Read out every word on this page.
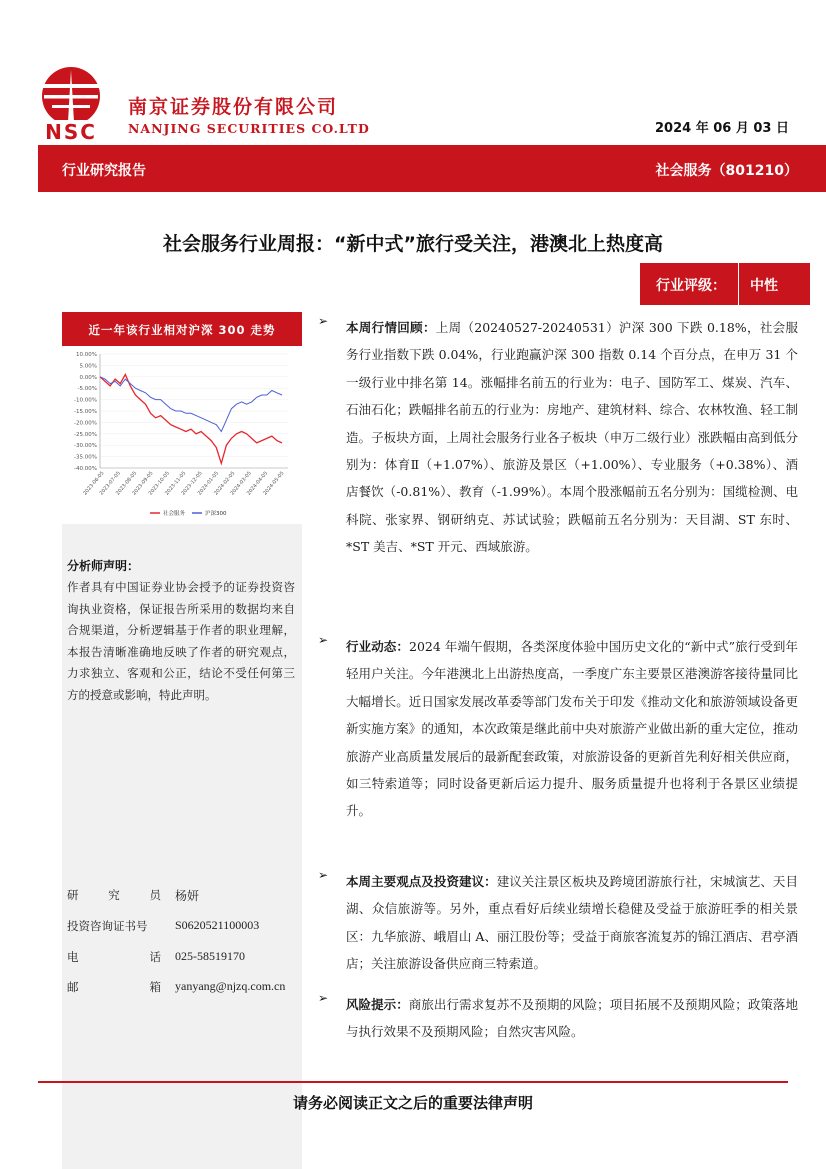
NSC
南京证券股份有限公司
NANJING SECURITIES CO.LTD	2024 年 06 月 03 日
行业研究报告	社会服务（801210）
社会服务行业周报：“新中式”旅行受关注，港澳北上热度高
行业评级： 中性
近一年该行业相对沪深 300 走势
10.00%
5.00%
0.00%
-5.00%
-10.00%
-15.00%
-20.00%
-25.00%
-30.00%
-35.00%
-40.00%
2023-06-05
2023-07-05
2023-08-05
2023-09-05
2023-10-05
2023-11-05
2023-12-05
2024-01-05
2024-02-05
2024-03-05
2024-04-05
2024-05-05
社会服务	沪深300
分析师声明：
作者具有中国证券业协会授予的证券投资咨询执业资格，保证报告所采用的数据均来自合规渠道，分析逻辑基于作者的职业理解，本报告清晰准确地反映了作者的研究观点，力求独立、客观和公正，结论不受任何第三方的授意或影响，特此声明。
研	究	员 杨妍
投资咨询证书号 S0620521100003
电	话 025-58519170
邮	箱 yanyang@njzq.com.cn
➢ 本周行情回顾：上周（20240527-20240531）沪深 300 下跌 0.18%，社会服务行业指数下跌 0.04%，行业跑赢沪深 300 指数 0.14 个百分点，在申万 31 个一级行业中排名第 14。涨幅排名前五的行业为：电子、国防军工、煤炭、汽车、石油石化；跌幅排名前五的行业为：房地产、建筑材料、综合、农林牧渔、轻工制造。子板块方面，上周社会服务行业各子板块（申万二级行业）涨跌幅由高到低分别为：体育Ⅱ（+1.07%）、旅游及景区（+1.00%）、专业服务（+0.38%）、酒店餐饮（-0.81%）、教育（-1.99%）。本周个股涨幅前五名分别为：国缆检测、电科院、张家界、钢研纳克、苏试试验；跌幅前五名分别为：天目湖、ST 东时、*ST 美吉、*ST 开元、西域旅游。
➢ 行业动态：2024 年端午假期，各类深度体验中国历史文化的“新中式”旅行受到年轻用户关注。今年港澳北上出游热度高，一季度广东主要景区港澳游客接待量同比大幅增长。近日国家发展改革委等部门发布关于印发《推动文化和旅游领域设备更新实施方案》的通知，本次政策是继此前中央对旅游产业做出新的重大定位，推动旅游产业高质量发展后的最新配套政策，对旅游设备的更新首先利好相关供应商，如三特索道等；同时设备更新后运力提升、服务质量提升也将利于各景区业绩提升。
➢ 本周主要观点及投资建议：建议关注景区板块及跨境团游旅行社，宋城演艺、天目湖、众信旅游等。另外，重点看好后续业绩增长稳健及受益于旅游旺季的相关景区：九华旅游、峨眉山 A、丽江股份等；受益于商旅客流复苏的锦江酒店、君亭酒店；关注旅游设备供应商三特索道。
➢ 风险提示：商旅出行需求复苏不及预期的风险；项目拓展不及预期风险；政策落地与执行效果不及预期风险；自然灾害风险。
请务必阅读正文之后的重要法律声明
